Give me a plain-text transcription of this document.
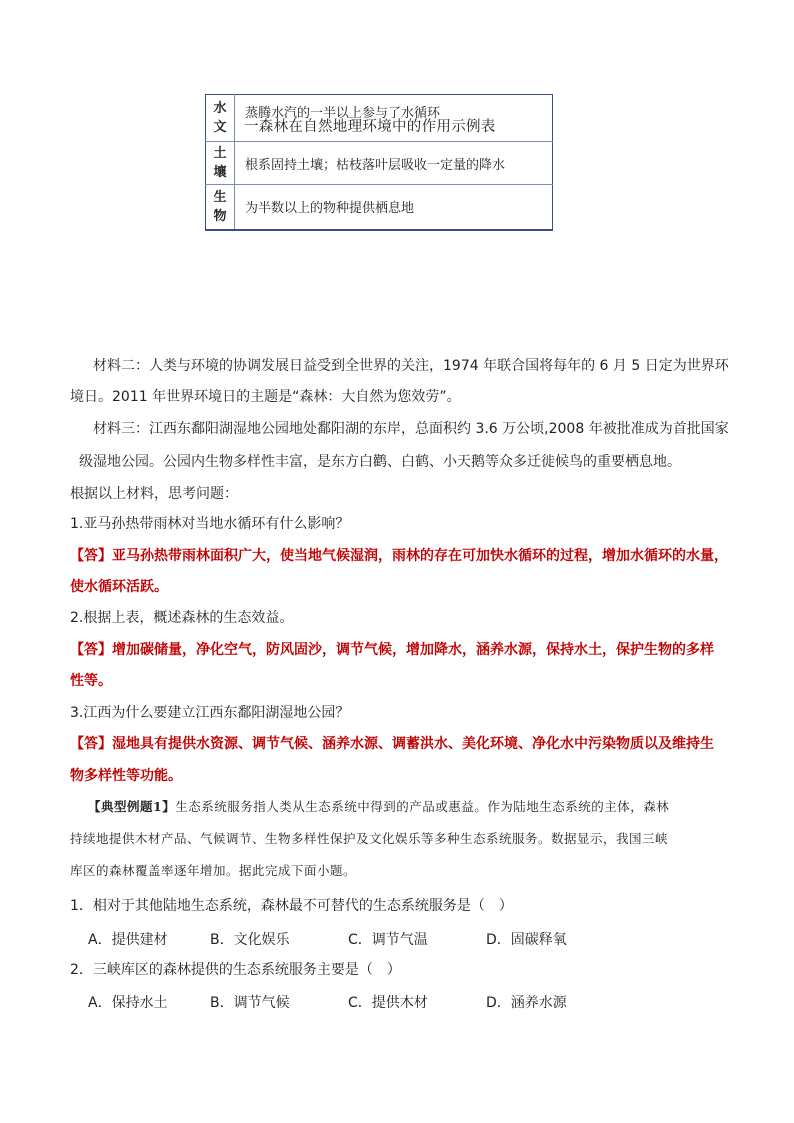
水
文	蒸腾水汽的一半以上参与了水循环
土
壤	根系固持土壤；枯枝落叶层吸收一定量的降水
生
物	为半数以上的物种提供栖息地
一森林在自然地理环境中的作用示例表
材料二：人类与环境的协调发展日益受到全世界的关注，1974 年联合国将每年的 6 月 5 日定为世界环
境日。2011 年世界环境日的主题是“森林：大自然为您效劳”。
材料三：江西东鄱阳湖湿地公园地处鄱阳湖的东岸，总面积约 3.6 万公顷,2008 年被批准成为首批国家
级湿地公园。公园内生物多样性丰富，是东方白鹳、白鹤、小天鹅等众多迁徙候鸟的重要栖息地。
根据以上材料，思考问题：
1.亚马孙热带雨林对当地水循环有什么影响？
【答】亚马孙热带雨林面积广大，使当地气候湿润，雨林的存在可加快水循环的过程，增加水循环的水量，
使水循环活跃。
2.根据上表，概述森林的生态效益。
【答】增加碳储量，净化空气，防风固沙，调节气候，增加降水，涵养水源，保持水土，保护生物的多样
性等。
3.江西为什么要建立江西东鄱阳湖湿地公园？
【答】湿地具有提供水资源、调节气候、涵养水源、调蓄洪水、美化环境、净化水中污染物质以及维持生
物多样性等功能。
【典型例题1】生态系统服务指人类从生态系统中得到的产品或惠益。作为陆地生态系统的主体，森林
持续地提供木材产品、气候调节、生物多样性保护及文化娱乐等多种生态系统服务。数据显示，我国三峡
库区的森林覆盖率逐年增加。据此完成下面小题。
1．相对于其他陆地生态系统，森林最不可替代的生态系统服务是（　）
A．提供建材	B．文化娱乐	C．调节气温	D．固碳释氧
2．三峡库区的森林提供的生态系统服务主要是（　）
A．保持水土	B．调节气候	C．提供木材	D．涵养水源
